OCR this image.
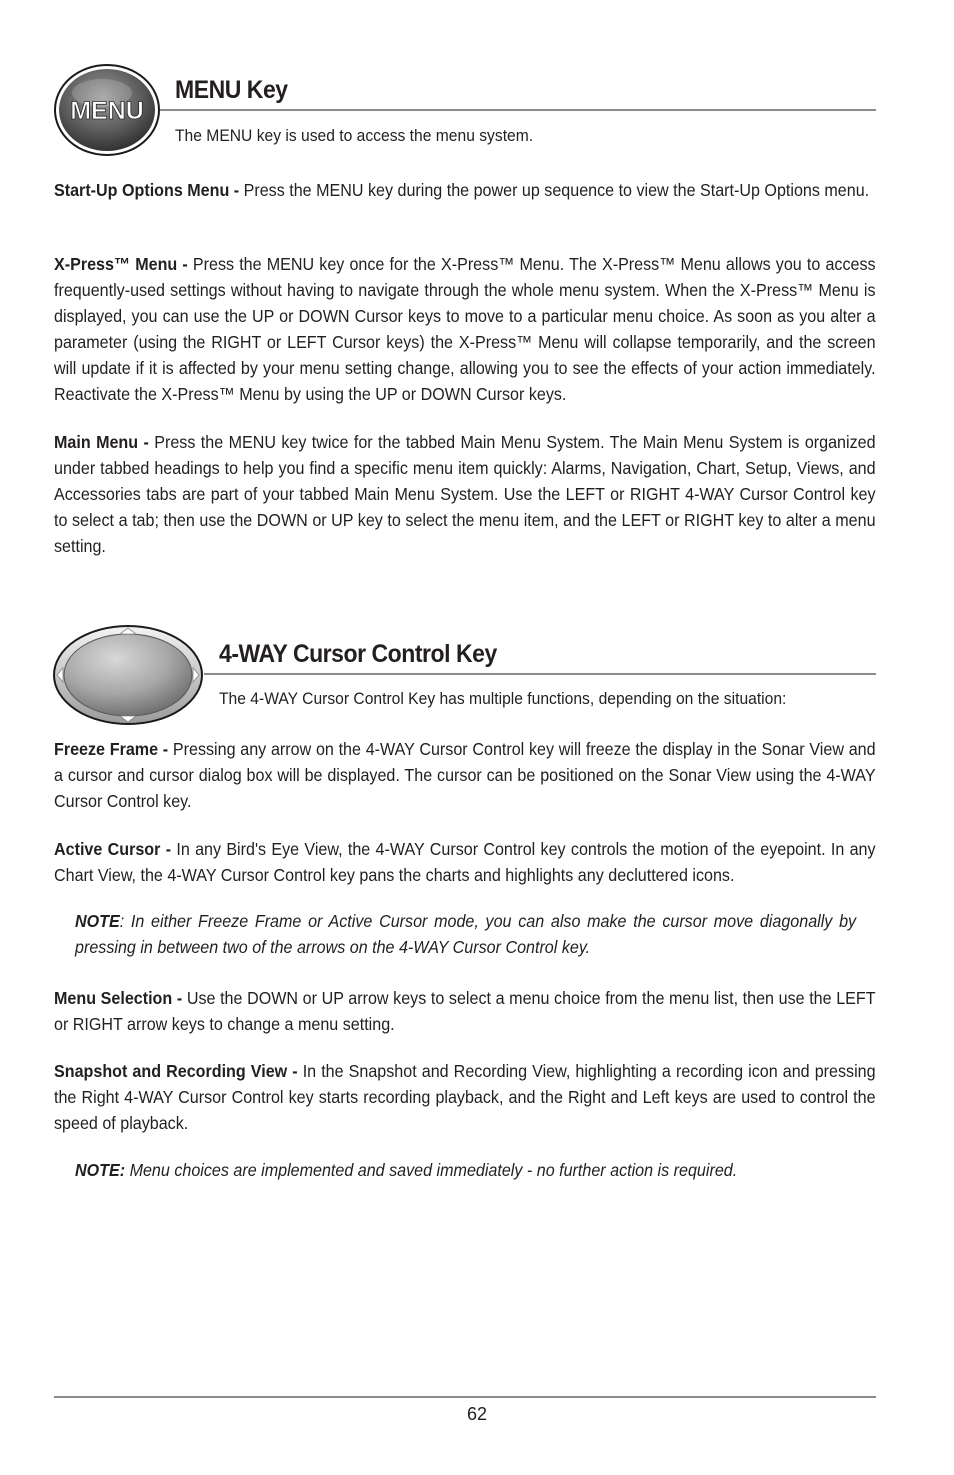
MENU
MENU Key

The MENU key is used to access the menu system.

Start-Up Options Menu - Press the MENU key during the power up sequence to view the Start-Up Options menu.

X-Press™ Menu - Press the MENU key once for the X-Press™ Menu. The X-Press™ Menu allows you to access frequently-used settings without having to navigate through the whole menu system. When the X-Press™ Menu is displayed, you can use the UP or DOWN Cursor keys to move to a particular menu choice. As soon as you alter a parameter (using the RIGHT or LEFT Cursor keys) the X-Press™ Menu will collapse temporarily, and the screen will update if it is affected by your menu setting change, allowing you to see the effects of your action immediately. Reactivate the X-Press™ Menu by using the UP or DOWN Cursor keys.

Main Menu - Press the MENU key twice for the tabbed Main Menu System. The Main Menu System is organized under tabbed headings to help you find a specific menu item quickly: Alarms, Navigation, Chart, Setup, Views, and Accessories tabs are part of your tabbed Main Menu System. Use the LEFT or RIGHT 4-WAY Cursor Control key to select a tab; then use the DOWN or UP key to select the menu item, and the LEFT or RIGHT key to alter a menu setting.

4-WAY Cursor Control Key

The 4-WAY Cursor Control Key has multiple functions, depending on the situation:

Freeze Frame - Pressing any arrow on the 4-WAY Cursor Control key will freeze the display in the Sonar View and a cursor and cursor dialog box will be displayed. The cursor can be positioned on the Sonar View using the 4-WAY Cursor Control key.

Active Cursor - In any Bird's Eye View, the 4-WAY Cursor Control key controls the motion of the eyepoint. In any Chart View, the 4-WAY Cursor Control key pans the charts and highlights any decluttered icons.

NOTE: In either Freeze Frame or Active Cursor mode, you can also make the cursor move diagonally by pressing in between two of the arrows on the 4-WAY Cursor Control key.

Menu Selection - Use the DOWN or UP arrow keys to select a menu choice from the menu list, then use the LEFT or RIGHT arrow keys to change a menu setting.

Snapshot and Recording View - In the Snapshot and Recording View, highlighting a recording icon and pressing the Right 4-WAY Cursor Control key starts recording playback, and the Right and Left keys are used to control the speed of playback.

NOTE: Menu choices are implemented and saved immediately - no further action is required.

62
